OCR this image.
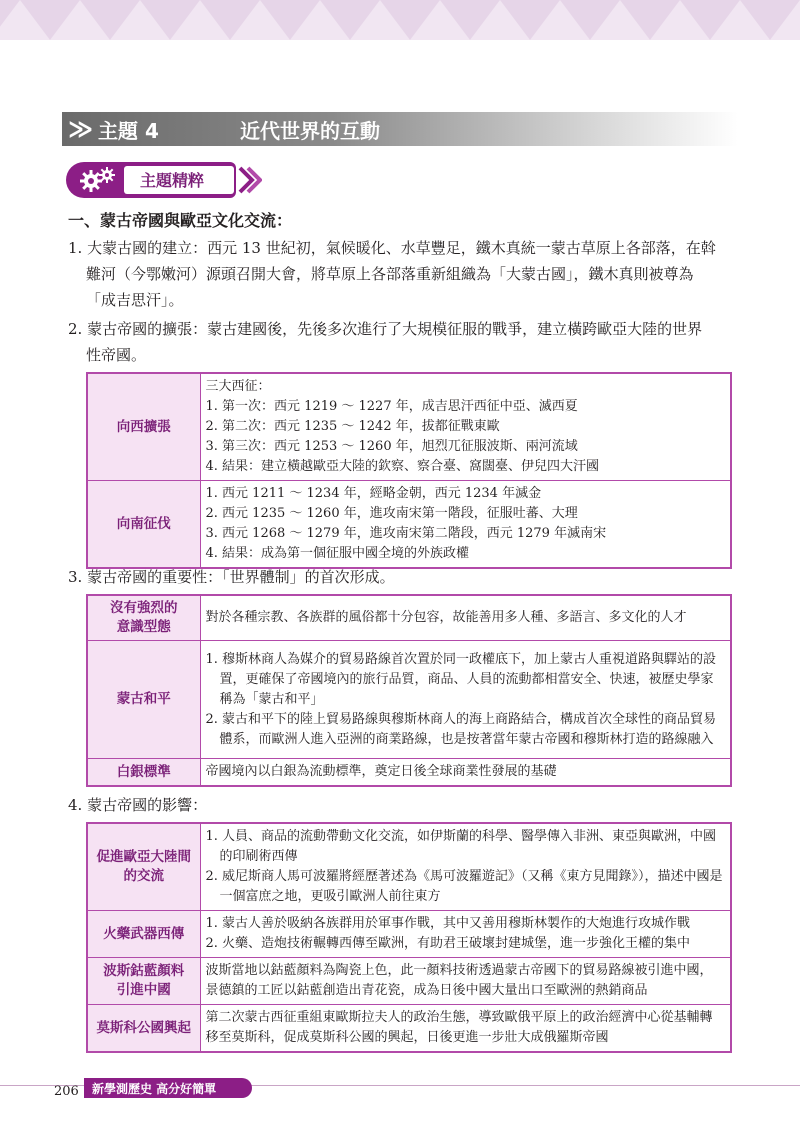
≫ 主題 4	近代世界的互動
主題精粹
一、蒙古帝國與歐亞文化交流：
1. 大蒙古國的建立：西元 13 世紀初，氣候暖化、水草豐足，鐵木真統一蒙古草原上各部落，在斡
難河（今鄂嫩河）源頭召開大會，將草原上各部落重新組織為「大蒙古國」，鐵木真則被尊為
「成吉思汗」。
2. 蒙古帝國的擴張：蒙古建國後，先後多次進行了大規模征服的戰爭，建立橫跨歐亞大陸的世界
性帝國。
向西擴張	三大西征：
1. 第一次：西元 1219 ～ 1227 年，成吉思汗西征中亞、滅西夏
2. 第二次：西元 1235 ～ 1242 年，拔都征戰東歐
3. 第三次：西元 1253 ～ 1260 年，旭烈兀征服波斯、兩河流域
4. 結果：建立橫越歐亞大陸的欽察、察合臺、窩闊臺、伊兒四大汗國

向南征伐	1. 西元 1211 ～ 1234 年，經略金朝，西元 1234 年滅金
2. 西元 1235 ～ 1260 年，進攻南宋第一階段，征服吐蕃、大理
3. 西元 1268 ～ 1279 年，進攻南宋第二階段，西元 1279 年滅南宋
4. 結果：成為第一個征服中國全境的外族政權
3. 蒙古帝國的重要性：「世界體制」的首次形成。
沒有強烈的
意識型態	對於各種宗教、各族群的風俗都十分包容，故能善用多人種、多語言、多文化的人才

蒙古和平	1. 穆斯林商人為媒介的貿易路線首次置於同一政權底下，加上蒙古人重視道路與驛站的設置，更確保了帝國境內的旅行品質，商品、人員的流動都相當安全、快速，被歷史學家稱為「蒙古和平」
2. 蒙古和平下的陸上貿易路線與穆斯林商人的海上商路結合，構成首次全球性的商品貿易體系，而歐洲人進入亞洲的商業路線，也是按著當年蒙古帝國和穆斯林打造的路線融入

白銀標準	帝國境內以白銀為流動標準，奠定日後全球商業性發展的基礎
4. 蒙古帝國的影響：
促進歐亞大陸間
的交流	1. 人員、商品的流動帶動文化交流，如伊斯蘭的科學、醫學傳入非洲、東亞與歐洲，中國的印刷術西傳
2. 威尼斯商人馬可波羅將經歷著述為《馬可波羅遊記》（又稱《東方見聞錄》），描述中國是一個富庶之地，更吸引歐洲人前往東方

火藥武器西傳	1. 蒙古人善於吸納各族群用於軍事作戰，其中又善用穆斯林製作的大炮進行攻城作戰
2. 火藥、造炮技術輾轉西傳至歐洲，有助君王破壞封建城堡，進一步強化王權的集中

波斯鈷藍顏料
引進中國	波斯當地以鈷藍顏料為陶瓷上色，此一顏料技術透過蒙古帝國下的貿易路線被引進中國，景德鎮的工匠以鈷藍創造出青花瓷，成為日後中國大量出口至歐洲的熱銷商品

莫斯科公國興起	第二次蒙古西征重組東歐斯拉夫人的政治生態，導致歐俄平原上的政治經濟中心從基輔轉移至莫斯科，促成莫斯科公國的興起，日後更進一步壯大成俄羅斯帝國
206 新學測歷史 高分好簡單
